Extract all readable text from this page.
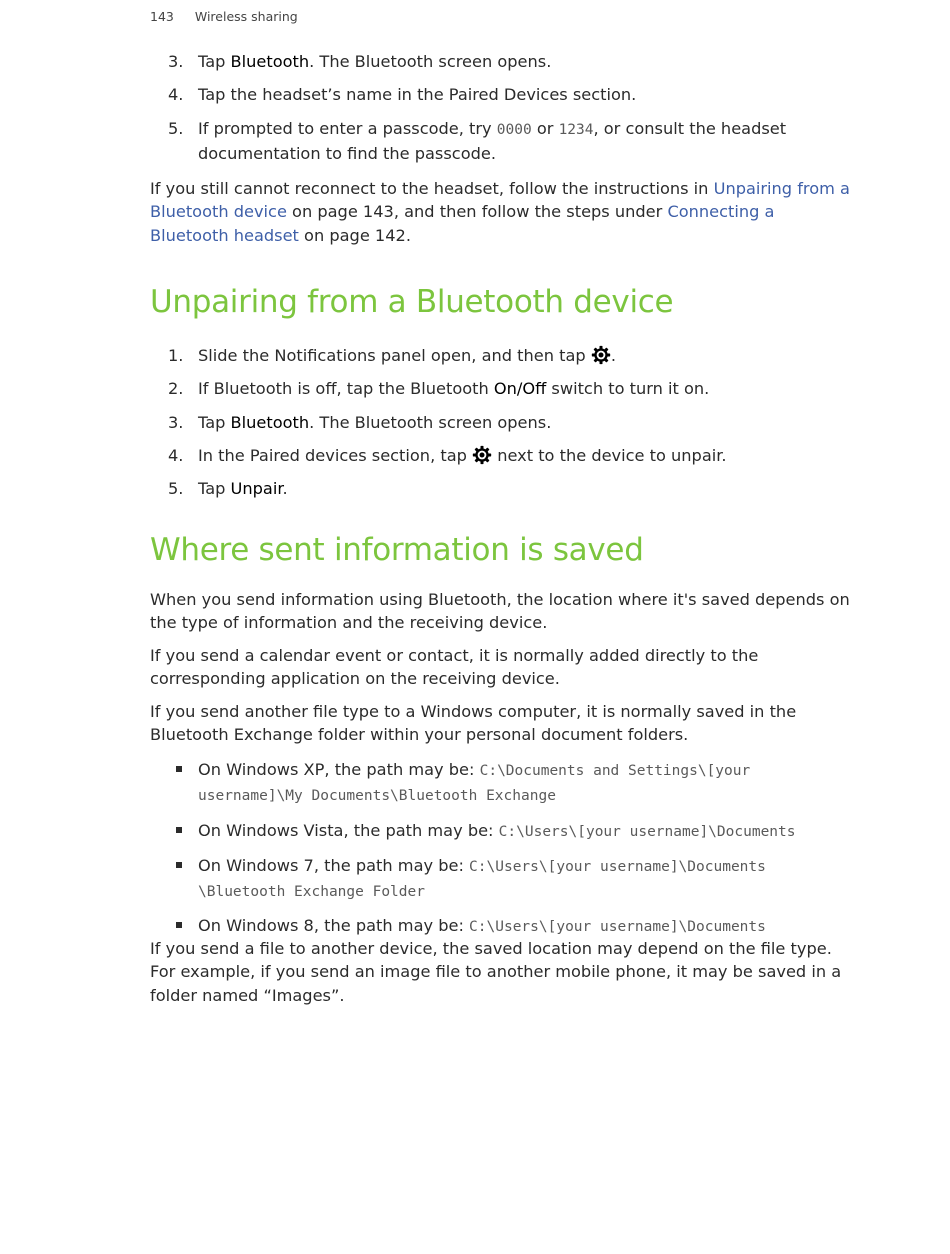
143 Wireless sharing
3. Tap Bluetooth. The Bluetooth screen opens.
4. Tap the headset’s name in the Paired Devices section.
5. If prompted to enter a passcode, try 0000 or 1234, or consult the headset documentation to find the passcode.

If you still cannot reconnect to the headset, follow the instructions in Unpairing from a Bluetooth device on page 143, and then follow the steps under Connecting a Bluetooth headset on page 142.

Unpairing from a Bluetooth device
1. Slide the Notifications panel open, and then tap .
2. If Bluetooth is off, tap the Bluetooth On/Off switch to turn it on.
3. Tap Bluetooth. The Bluetooth screen opens.
4. In the Paired devices section, tap  next to the device to unpair.
5. Tap Unpair.
Where sent information is saved

When you send information using Bluetooth, the location where it's saved depends on the type of information and the receiving device.

If you send a calendar event or contact, it is normally added directly to the corresponding application on the receiving device.

If you send another file type to a Windows computer, it is normally saved in the Bluetooth Exchange folder within your personal document folders.

On Windows XP, the path may be: C:\Documents and Settings\[your username]\My Documents\Bluetooth Exchange
On Windows Vista, the path may be: C:\Users\[your username]\Documents
On Windows 7, the path may be: C:\Users\[your username]\Documents \Bluetooth Exchange Folder
On Windows 8, the path may be: C:\Users\[your username]\Documents

If you send a file to another device, the saved location may depend on the file type. For example, if you send an image file to another mobile phone, it may be saved in a folder named “Images”.
